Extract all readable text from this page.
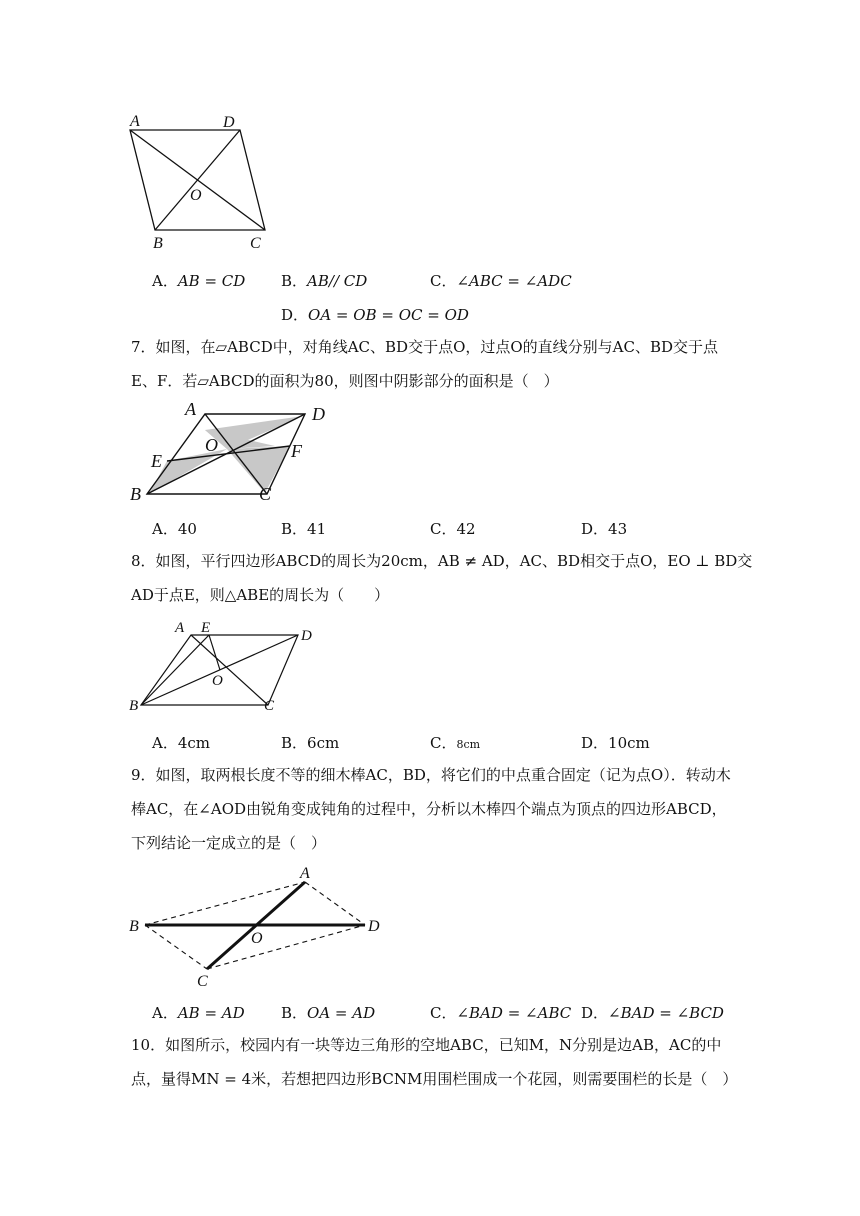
A	D
O
B	C
A．AB = CD B．AB// CD	C．∠ABC = ∠ADC
D．OA = OB = OC = OD
7．如图，在▱ABCD中，对角线AC、BD交于点O，过点O的直线分别与AC、BD交于点
E、F．若▱ABCD的面积为80，则图中阴影部分的面积是（　）
A	D
O
E	F
B	C
A．40	B．41	C．42	D．43
8．如图，平行四边形ABCD的周长为20cm，AB ≠ AD，AC、BD相交于点O，EO ⊥ BD交
AD于点E，则△ABE的周长为（　　）
A E	D
O
B	C
A．4cm	B．6cm	C．8cm	D．10cm
9．如图，取两根长度不等的细木棒AC，BD，将它们的中点重合固定（记为点O）．转动木
棒AC，在∠AOD由锐角变成钝角的过程中，分析以木棒四个端点为顶点的四边形ABCD，
下列结论一定成立的是（　）
A
B
O
D
C
A．AB = AD B．OA = AD	C．∠BAD = ∠ABC D．∠BAD = ∠BCD
10．如图所示，校园内有一块等边三角形的空地ABC，已知M，N分别是边AB，AC的中
点，量得MN = 4米，若想把四边形BCNM用围栏围成一个花园，则需要围栏的长是（　）
